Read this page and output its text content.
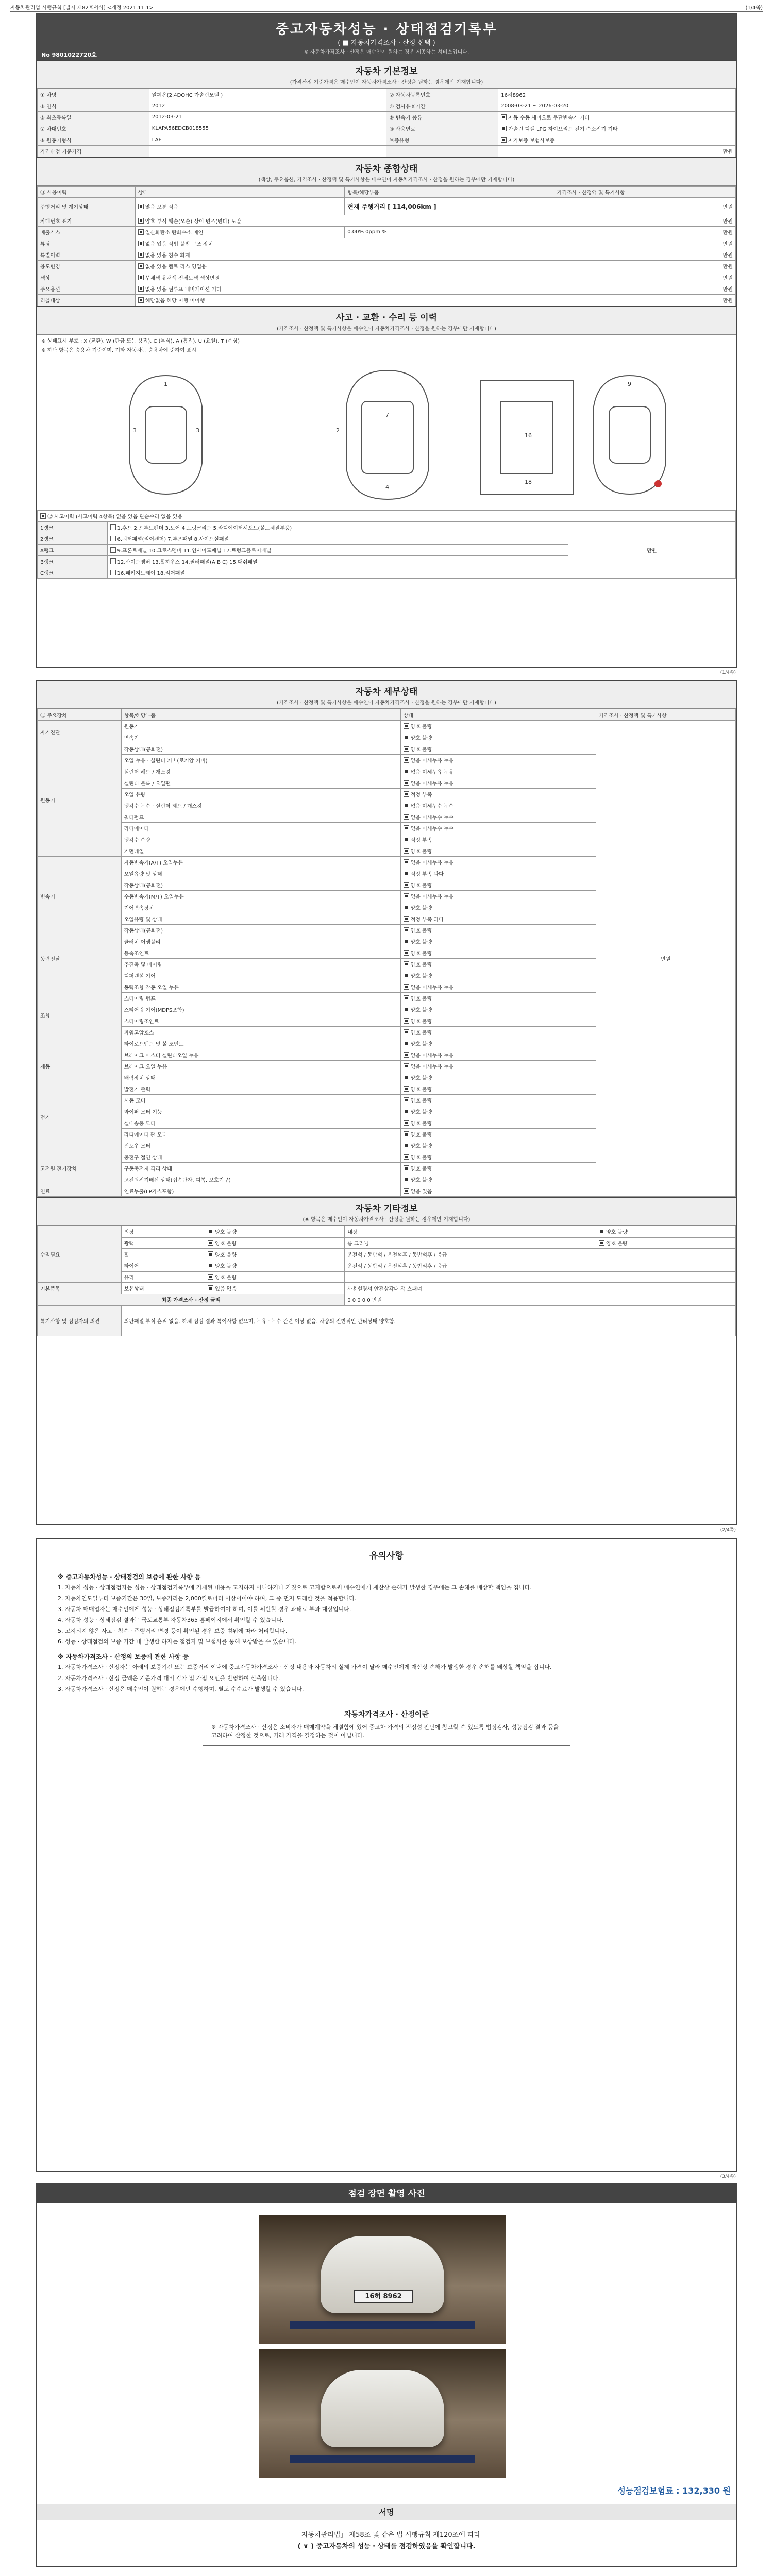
자동차관리법 시행규칙 [별지 제82호서식] <개정 2021.11.1>	(1/4쪽)
중고자동차성능 · 상태점검기록부
( ■ 자동차가격조사 · 산정 선택 )
※ 자동차가격조사 · 산정은 매수인이 원하는 경우 제공하는 서비스입니다.
No 9801022720호
자동차 기본정보
(가격산정 기준가격은 매수인이 자동차가격조사 · 산정을 원하는 경우에만 기재합니다)
① 차명	알페온(2.4DOHC 가솔린모델 )	② 자동차등록번호	16허8962
③ 연식	2012	④ 검사유효기간	2008-03-21 ~ 2026-03-20
⑤ 최초등록일	2012-03-21	⑥ 변속기 종류	자동 수동 세미오토 무단변속기 기타
⑦ 차대번호	KLAPA56EDCB018555	⑧ 사용연료	가솔린 디젤 LPG 하이브리드 전기 수소전기 기타
⑨ 원동기형식	LAF	보증유형	자가보증 보험사보증
가격산정 기준가격			만원
자동차 종합상태
(색상, 주요옵션, 가격조사 · 산정액 및 특기사항은 매수인이 자동차가격조사 · 산정을 원하는 경우에만 기재합니다)
⑪ 사용이력	상태	항목/해당부품	가격조사 · 산정액 및 특기사항
주행거리 및 계기상태	많음 보통 적음	현재 주행거리 [ 114,006km ]	만원
차대번호 표기	양호 부식 훼손(오손) 상이 변조(변타) 도말		만원
배출가스	일산화탄소 탄화수소 매연	0.00% 0ppm %	만원
튜닝	없음 있음 적법 불법 구조 장치		만원
특별이력	없음 있음 침수 화재		만원
용도변경	없음 있음 렌트 리스 영업용		만원
색상	무채색 유채색 전체도색 색상변경		만원
주요옵션	없음 있음 썬루프 내비게이션 기타		만원
리콜대상	해당없음 해당 이행 미이행		만원
사고 · 교환 · 수리 등 이력
(가격조사 · 산정액 및 특기사항은 매수인이 자동차가격조사 · 산정을 원하는 경우에만 기재합니다)
※ 상태표시 부호 : X (교환), W (판금 또는 용접), C (부식), A (흠집), U (요철), T (손상)
※ 하단 항목은 승용차 기준이며, 기타 자동차는 승용차에 준하여 표시
1
3	3
7
4
2
16
18
9
⑫ 사고이력 (사고이력 4항목) 없음 있음 단순수리 없음 있음		
1랭크	1.후드 2.프론트펜더 3.도어 4.트렁크리드 5.라디에이터서포트(볼트체결부품)	만원
2랭크	6.쿼터패널(리어펜더) 7.루프패널 8.사이드실패널	
A랭크	9.프론트패널 10.크로스멤버 11.인사이드패널 17.트렁크플로어패널	
B랭크	12.사이드멤버 13.휠하우스 14.필러패널(A B C) 15.대쉬패널	
C랭크	16.패키지트레이 18.리어패널	
(1/4쪽)
자동차 세부상태
(가격조사 · 산정액 및 특기사항은 매수인이 자동차가격조사 · 산정을 원하는 경우에만 기재합니다)
⑮ 주요장치	항목/해당부품	상태	가격조사 · 산정액 및 특기사항
자기진단	원동기	양호 불량	만원
	변속기	양호 불량	
원동기	작동상태(공회전)	양호 불량	
	오일 누유 · 실린더 커버(로커암 커버)	없음 미세누유 누유	
	실린더 헤드 / 개스킷	없음 미세누유 누유	
	실린더 블록 / 오일팬	없음 미세누유 누유	
	오일 유량	적정 부족	
	냉각수 누수 · 실린더 헤드 / 개스킷	없음 미세누수 누수	
	워터펌프	없음 미세누수 누수	
	라디에이터	없음 미세누수 누수	
	냉각수 수량	적정 부족	
	커먼레일	양호 불량	
변속기	자동변속기(A/T) 오일누유	없음 미세누유 누유	
	오일유량 및 상태	적정 부족 과다	
	작동상태(공회전)	양호 불량	
	수동변속기(M/T) 오일누유	없음 미세누유 누유	
	기어변속장치	양호 불량	
	오일유량 및 상태	적정 부족 과다	
	작동상태(공회전)	양호 불량	
동력전달	클러치 어셈블리	양호 불량	
	등속조인트	양호 불량	
	추진축 및 베어링	양호 불량	
	디퍼렌셜 기어	양호 불량	
조향	동력조향 작동 오일 누유	없음 미세누유 누유	
	스티어링 펌프	양호 불량	
	스티어링 기어(MDPS포함)	양호 불량	
	스티어링조인트	양호 불량	
	파워고압호스	양호 불량	
	타이로드엔드 및 볼 조인트	양호 불량	
제동	브레이크 마스터 실린더오일 누유	없음 미세누유 누유	
	브레이크 오일 누유	없음 미세누유 누유	
	배력장치 상태	양호 불량	
전기	발전기 출력	양호 불량	
	시동 모터	양호 불량	
	와이퍼 모터 기능	양호 불량	
	실내송풍 모터	양호 불량	
	라디에이터 팬 모터	양호 불량	
	윈도우 모터	양호 불량	
고전원 전기장치	충전구 절연 상태	양호 불량	
	구동축전지 격리 상태	양호 불량	
	고전원전기배선 상태(접속단자, 피복, 보호기구)	양호 불량	
연료	연료누출(LP가스포함)	없음 있음	
자동차 기타정보
(※ 항목은 매수인이 자동차가격조사 · 산정을 원하는 경우에만 기재합니다)
수리필요	외장	양호 불량	내장	양호 불량
	광택	양호 불량	룸 크리닝	양호 불량
	휠	양호 불량	운전석 / 동반석 / 운전석후 / 동반석후 / 응급	
	타이어	양호 불량	운전석 / 동반석 / 운전석후 / 동반석후 / 응급	
	유리	양호 불량		
기본품목	보유상태	있음 없음	사용설명서 안전삼각대 잭 스패너	
최종 가격조사 · 산정 금액			0 0 0 0 0 만원	
특기사항 및 점검자의 의견	외판패널 부식 흔적 없음. 하체 점검 결과 특이사항 없으며, 누유 · 누수 관련 이상 없음. 차량의 전반적인 관리상태 양호함.			
(2/4쪽)
유의사항
※ 중고자동차성능 · 상태점검의 보증에 관한 사항 등

1. 자동차 성능 · 상태점검자는 성능 · 상태점검기록부에 기재된 내용을 고지하지 아니하거나 거짓으로 고지함으로써 매수인에게 재산상 손해가 발생한 경우에는 그 손해를 배상할 책임을 집니다.

2. 자동차인도일부터 보증기간은 30일, 보증거리는 2,000킬로미터 이상이어야 하며, 그 중 먼저 도래한 것을 적용합니다.

3. 자동차 매매업자는 매수인에게 성능 · 상태점검기록부를 발급하여야 하며, 이를 위반할 경우 과태료 부과 대상입니다.

4. 자동차 성능 · 상태점검 결과는 국토교통부 자동차365 홈페이지에서 확인할 수 있습니다.

5. 고지되지 않은 사고 · 침수 · 주행거리 변경 등이 확인된 경우 보증 범위에 따라 처리합니다.

6. 성능 · 상태점검의 보증 기간 내 발생한 하자는 점검자 및 보험사를 통해 보상받을 수 있습니다.

※ 자동차가격조사 · 산정의 보증에 관한 사항 등

1. 자동차가격조사 · 산정자는 아래의 보증기간 또는 보증거리 이내에 중고자동차가격조사 · 산정 내용과 자동차의 실제 가격이 달라 매수인에게 재산상 손해가 발생한 경우 손해를 배상할 책임을 집니다.

2. 자동차가격조사 · 산정 금액은 기준가격 대비 감가 및 가점 요인을 반영하여 산출합니다.

3. 자동차가격조사 · 산정은 매수인이 원하는 경우에만 수행하며, 별도 수수료가 발생할 수 있습니다.

자동차가격조사 · 산정이란
※ 자동차가격조사 · 산정은 소비자가 매매계약을 체결함에 있어 중고차 가격의 적정성 판단에 참고할 수 있도록 법정검사, 성능점검 결과 등을 고려하여 산정한 것으로, 거래 가격을 결정하는 것이 아닙니다.
(3/4쪽)
점검 장면 촬영 사진
16허 8962
성능점검보험료 : 132,330 원
서명
「 자동차관리법」 제58조 및 같은 법 시행규칙 제120조에 따라
( ∨ ) 중고자동차의 성능 · 상태를 점검하였음을 확인합니다.
